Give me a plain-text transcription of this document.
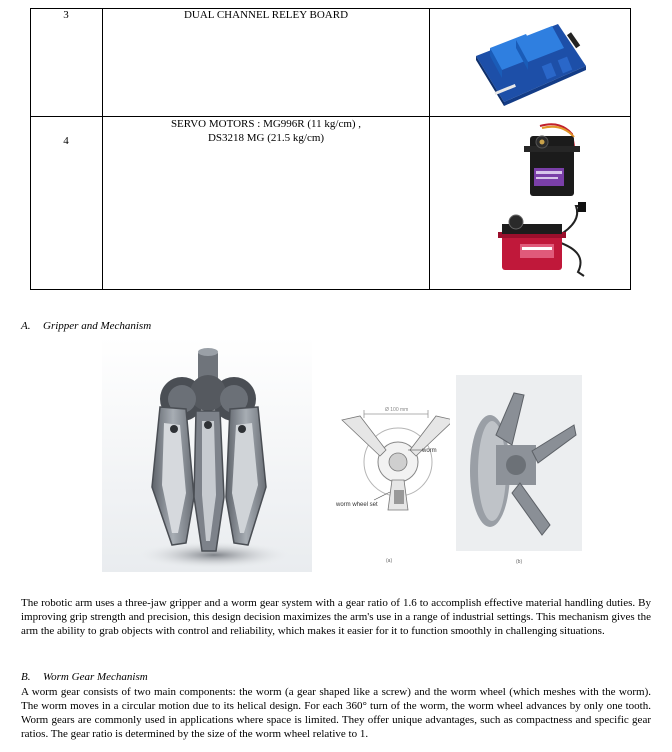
3	DUAL CHANNEL RELEY BOARD
4
SERVO MOTORS : MG996R (11 kg/cm) ,
DS3218 MG (21.5 kg/cm)
A. Gripper and Mechanism
Ø 100 mm
worm
worm wheel set
(a)	(b)
The robotic arm uses a three-jaw gripper and a worm gear system with a gear ratio of 1.6 to accomplish effective material handling duties. By improving grip strength and precision, this design decision maximizes the arm's use in a range of industrial settings. This mechanism gives the arm the ability to grab objects with control and reliability, which makes it easier for it to function smoothly in challenging situations.
B. Worm Gear Mechanism
A worm gear consists of two main components: the worm (a gear shaped like a screw) and the worm wheel (which meshes with the worm). The worm moves in a circular motion due to its helical design. For each 360° turn of the worm, the worm wheel advances by only one tooth. Worm gears are commonly used in applications where space is limited. They offer unique advantages, such as compactness and specific gear ratios. The gear ratio is determined by the size of the worm wheel relative to 1.
